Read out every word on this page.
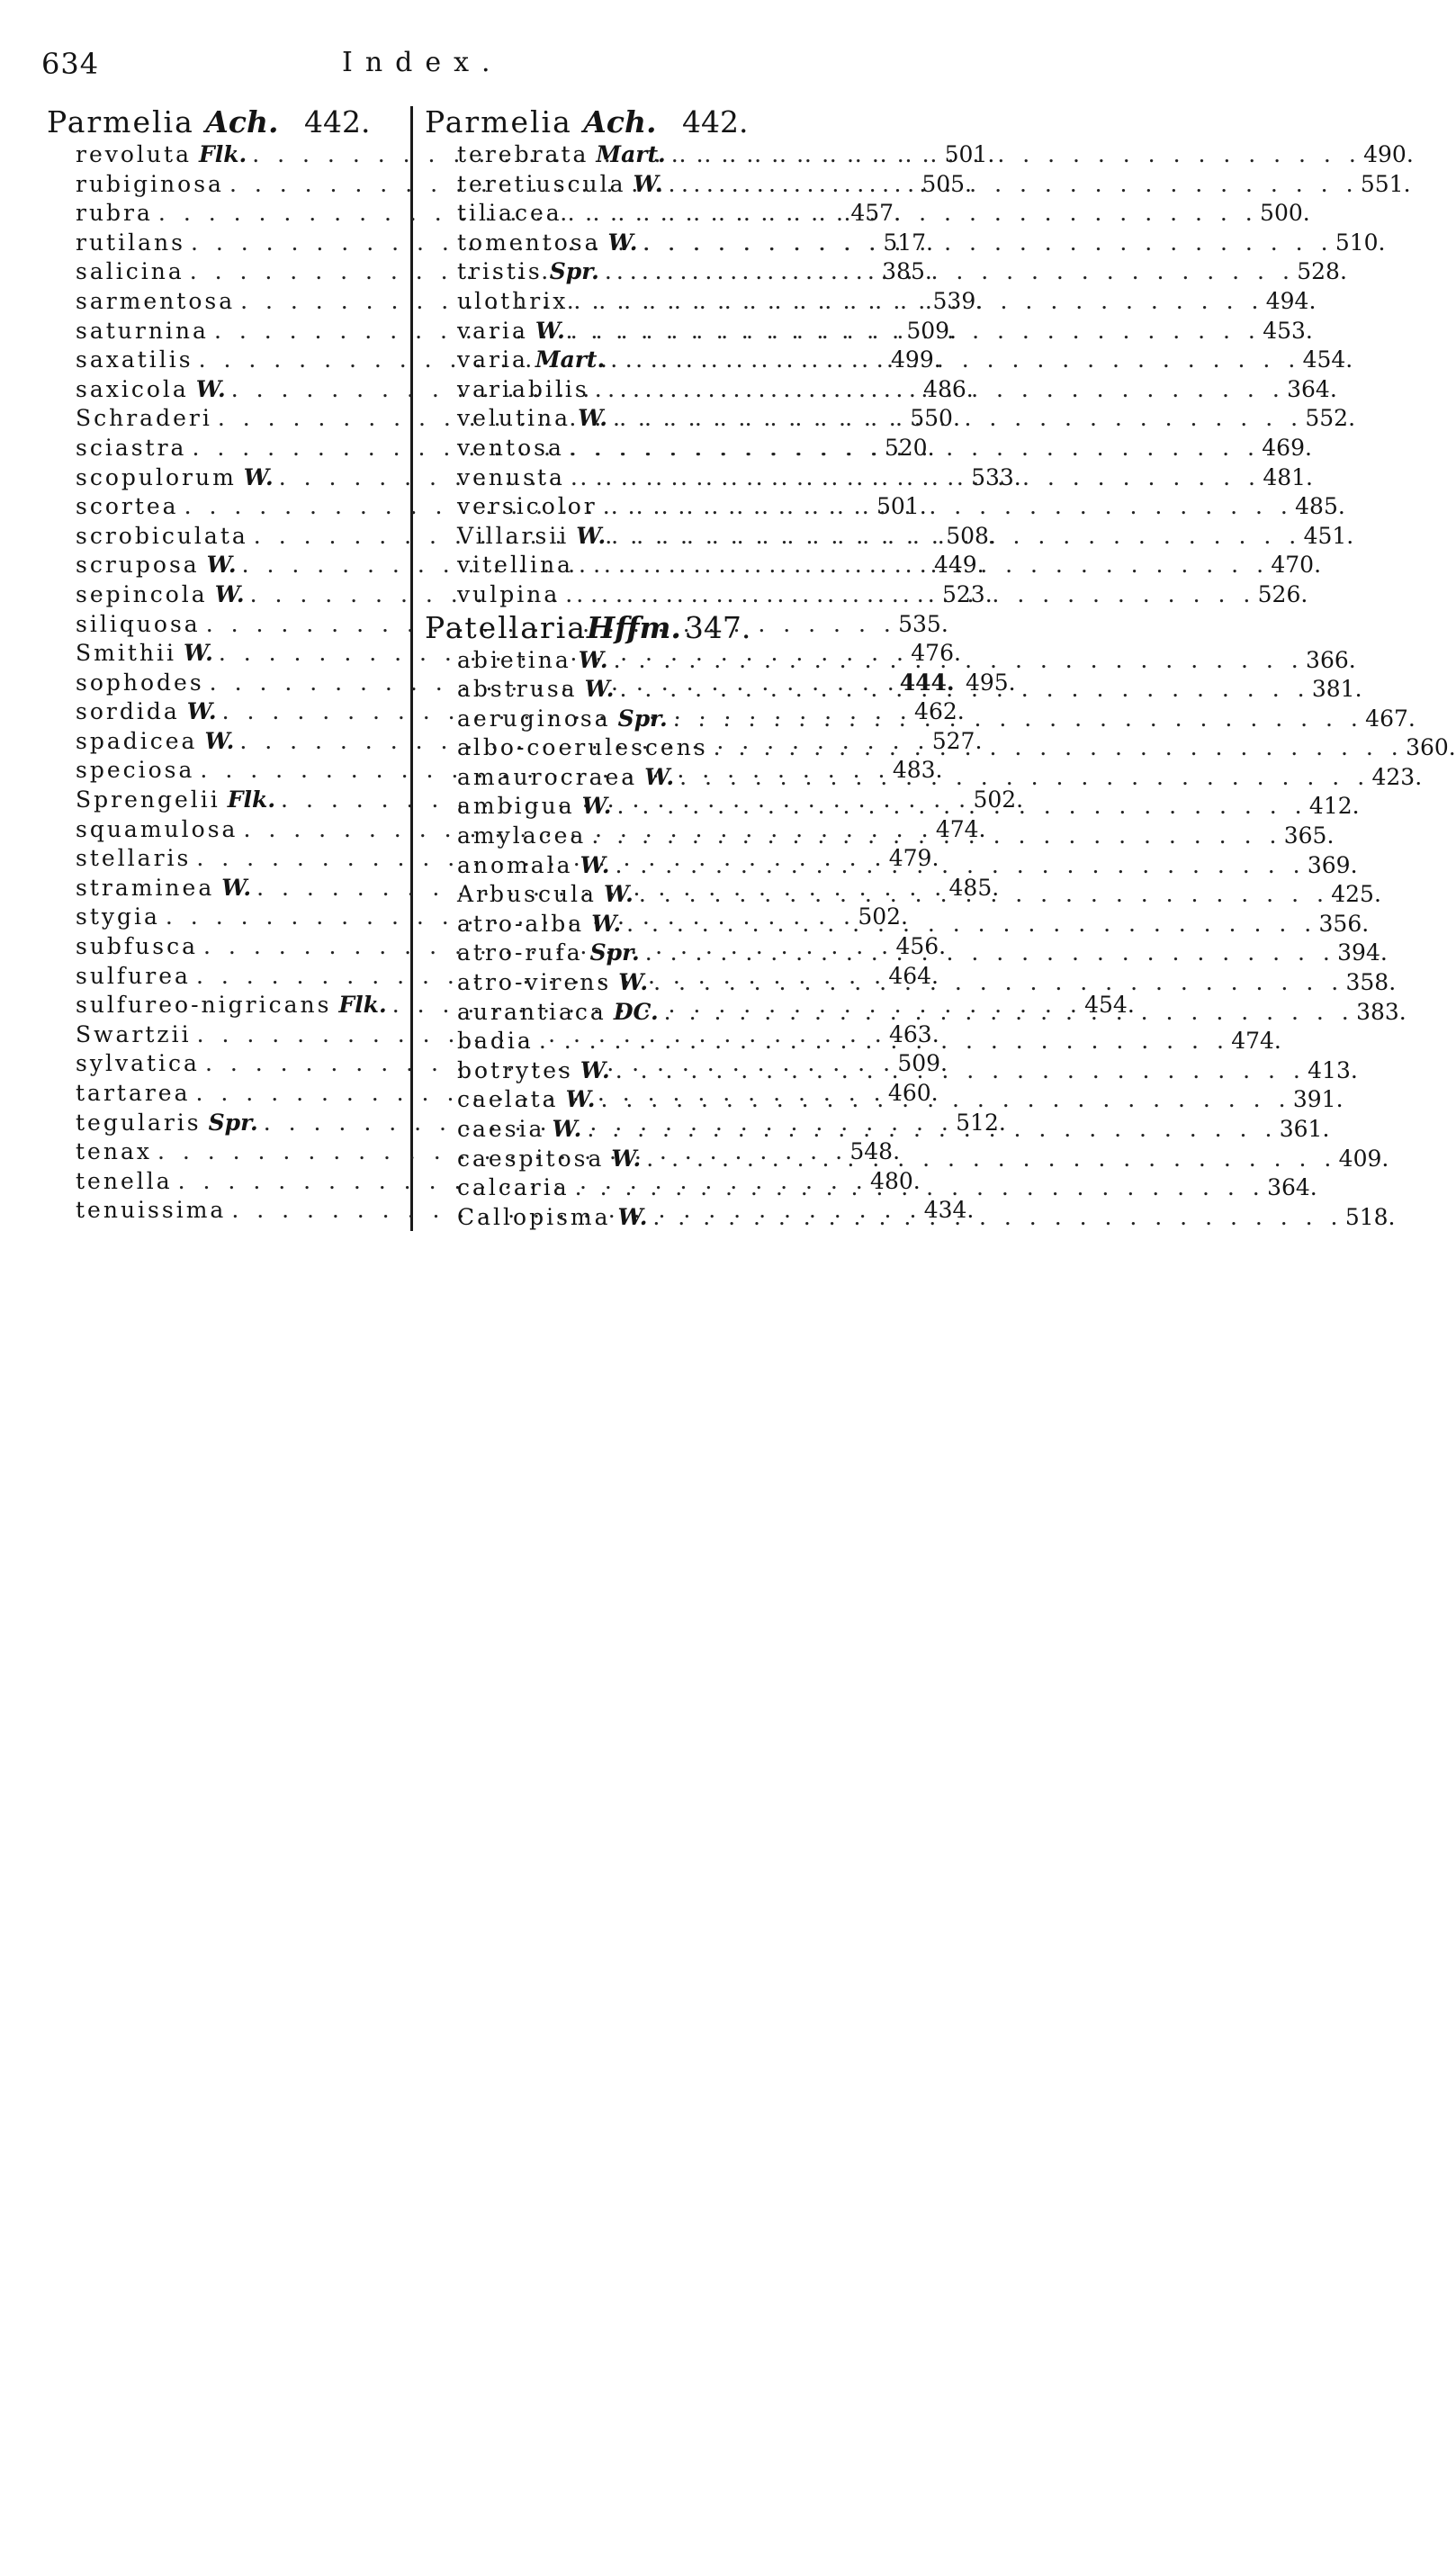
634	Index.
Parmelia Ach. 442.
revoluta Flk. . . .	501.
rubiginosa . . .	505.
rubra . . .	457.
rutilans . . .	517.
salicina . . .	385.
sarmentosa . . .	539.
saturnina . . .	509.
saxatilis . . .	499.
saxicola W. . . .	486.
Schraderi . . .	550.
sciastra . . .	520.
scopulorum W. . . .	533.
scortea . . .	501.
scrobiculata . . .	508.
scruposa W. . . .	449.
sepincola W. . . .	523.
siliquosa . . .	535.
Smithii W. . . .	476.
sophodes . . .	444. 495.
sordida W. . . .	462.
spadicea W. . . .	527.
speciosa . . .	483.
Sprengelii Flk. . . .	502.
squamulosa . . .	474.
stellaris . . .	479.
straminea W. . . .	485.
stygia . . .	502.
subfusca . . .	456.
sulfurea . . .	464.
sulfureo-nigricans Flk. . . .	454.
Swartzii . . .	463.
sylvatica . . .	509.
tartarea . . .	460.
tegularis Spr. . . .	512.
tenax . . .	548.
tenella . . .	480.
tenuissima . . .	434.
Parmelia Ach. 442.
terebrata Mart. . . .	490.
teretiuscula W. . . .	551.
tiliacea . . .	500.
tomentosa W. . . .	510.
tristis Spr. . . .	528.
ulothrix . . .	494.
varia W. . . .	453.
varia Mart. . . .	454.
variabilis . . .	364.
velutina W. . . .	552.
ventosa . . .	469.
venusta . . .	481.
versicolor . . .	485.
Villarsii W. . . .	451.
vitellina . . .	470.
vulpina . . .	526.
PatellariaHffm. 347.
abietina W. . . .	366.
abstrusa W. . . .	381.
aeruginosa Spr. . . .	467.
albo-coerulescens . . .	360.
amaurocraea W. . . .	423.
ambigua W. . . .	412.
amylacea . . .	365.
anomala W. . . .	369.
Arbuscula W. . . .	425.
atro-alba W. . . .	356.
atro-rufa Spr. . . .	394.
atro-virens W. . . .	358.
aurantiaca DC. . . .	383.
badia . . .	474.
botrytes W. . . .	413.
caelata W. . . .	391.
caesia W. . . .	361.
caespitosa W. . . .	409.
calcaria . . .	364.
Callopisma W. . . .	518.
